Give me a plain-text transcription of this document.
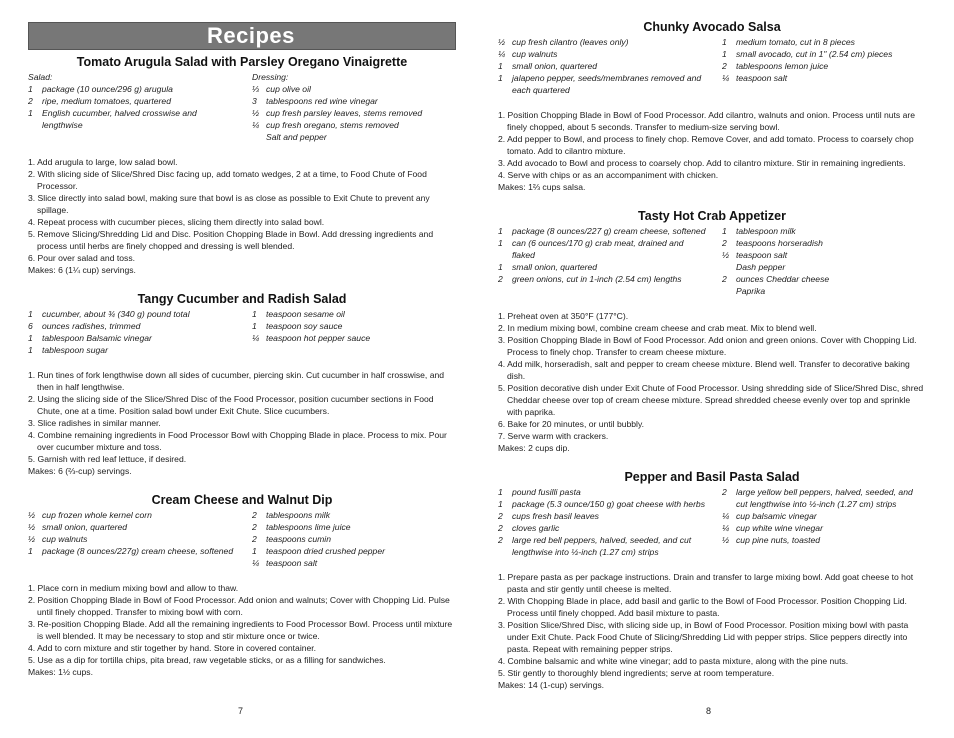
Recipes
Tomato Arugula Salad with Parsley Oregano Vinaigrette
Salad:
1	package (10 ounce/296 g) arugula
2	ripe, medium tomatoes, quartered
1	English cucumber, halved crosswise and lengthwise
Dressing:
⅓ cup olive oil
3	tablespoons red wine vinegar
½ cup fresh parsley leaves, stems removed
¼ cup fresh oregano, stems removed
Salt and pepper
1. Add arugula to large, low salad bowl.
2. With slicing side of Slice/Shred Disc facing up, add tomato wedges, 2 at a time, to Food Chute of Food Processor.
3. Slice directly into salad bowl, making sure that bowl is as close as possible to Exit Chute to prevent any spillage.
4. Repeat process with cucumber pieces, slicing them directly into salad bowl.
5. Remove Slicing/Shredding Lid and Disc. Position Chopping Blade in Bowl. Add dressing ingredients and process until herbs are finely chopped and dressing is well blended.
6. Pour over salad and toss.
Makes: 6 (1¼ cup) servings.
Tangy Cucumber and Radish Salad
1	cucumber, about ¾ (340 g) pound total
6	ounces radishes, trimmed
1	tablespoon Balsamic vinegar
1	tablespoon sugar
1	teaspoon sesame oil
1	teaspoon soy sauce
¼ teaspoon hot pepper sauce
1. Run tines of fork lengthwise down all sides of cucumber, piercing skin. Cut cucumber in half crosswise, and then in half lengthwise.
2. Using the slicing side of the Slice/Shred Disc of the Food Processor, position cucumber sections in Food Chute, one at a time. Position salad bowl under Exit Chute. Slice cucumbers.
3. Slice radishes in similar manner.
4. Combine remaining ingredients in Food Processor Bowl with Chopping Blade in place. Process to mix. Pour over cucumber mixture and toss.
5. Garnish with red leaf lettuce, if desired.
Makes: 6 (⅔-cup) servings.
Cream Cheese and Walnut Dip
½ cup frozen whole kernel corn
½ small onion, quartered
½ cup walnuts
1	package (8 ounces/227g) cream cheese, softened
2	tablespoons milk
2	tablespoons lime juice
2	teaspoons cumin
1	teaspoon dried crushed pepper
¼ teaspoon salt
1. Place corn in medium mixing bowl and allow to thaw.
2. Position Chopping Blade in Bowl of Food Processor. Add onion and walnuts; Cover with Chopping Lid. Pulse until finely chopped. Transfer to mixing bowl with corn.
3. Re-position Chopping Blade. Add all the remaining ingredients to Food Processor Bowl. Process until mixture is well blended. It may be necessary to stop and stir mixture once or twice.
4. Add to corn mixture and stir together by hand. Store in covered container.
5. Use as a dip for tortilla chips, pita bread, raw vegetable sticks, or as a filling for sandwiches.
Makes: 1½ cups.
7
Chunky Avocado Salsa
½ cup fresh cilantro (leaves only)
¼ cup walnuts
1	small onion, quartered
1	jalapeno pepper, seeds/membranes removed and each quartered
1	medium tomato, cut in 8 pieces
1	small avocado, cut in 1" (2.54 cm) pieces
2	tablespoons lemon juice
¼ teaspoon salt
1. Position Chopping Blade in Bowl of Food Processor. Add cilantro, walnuts and onion. Process until nuts are finely chopped, about 5 seconds. Transfer to medium-size serving bowl.
2. Add pepper to Bowl, and process to finely chop. Remove Cover, and add tomato. Process to coarsely chop tomato. Add to cilantro mixture.
3. Add avocado to Bowl and process to coarsely chop. Add to cilantro mixture. Stir in remaining ingredients.
4. Serve with chips or as an accompaniment with chicken.
Makes: 1⅔ cups salsa.
Tasty Hot Crab Appetizer
1	package (8 ounces/227 g) cream cheese, softened
1	can (6 ounces/170 g) crab meat, drained and flaked
1	small onion, quartered
2	green onions, cut in 1-inch (2.54 cm) lengths
1	tablespoon milk
2	teaspoons horseradish
½ teaspoon salt
Dash pepper
2	ounces Cheddar cheese
Paprika
1. Preheat oven at 350°F (177°C).
2. In medium mixing bowl, combine cream cheese and crab meat. Mix to blend well.
3. Position Chopping Blade in Bowl of Food Processor. Add onion and green onions. Cover with Chopping Lid. Process to finely chop. Transfer to cream cheese mixture.
4. Add milk, horseradish, salt and pepper to cream cheese mixture. Blend well. Transfer to decorative baking dish.
5. Position decorative dish under Exit Chute of Food Processor. Using shredding side of Slice/Shred Disc, shred Cheddar cheese over top of cream cheese mixture. Spread shredded cheese evenly over top and sprinkle with paprika.
6. Bake for 20 minutes, or until bubbly.
7. Serve warm with crackers.
Makes: 2 cups dip.
Pepper and Basil Pasta Salad
1	pound fusilli pasta
1	package (5.3 ounce/150 g) goat cheese with herbs
2	cups fresh basil leaves
2	cloves garlic
2	large red bell peppers, halved, seeded, and cut lengthwise into ½-inch (1.27 cm) strips
2	large yellow bell peppers, halved, seeded, and cut lengthwise into ½-inch (1.27 cm) strips
¼ cup balsamic vinegar
¼ cup white wine vinegar
½ cup pine nuts, toasted
1. Prepare pasta as per package instructions. Drain and transfer to large mixing bowl. Add goat cheese to hot pasta and stir gently until cheese is melted.
2. With Chopping Blade in place, add basil and garlic to the Bowl of Food Processor. Position Chopping Lid. Process until finely chopped. Add basil mixture to pasta.
3. Position Slice/Shred Disc, with slicing side up, in Bowl of Food Processor. Position mixing bowl with pasta under Exit Chute. Pack Food Chute of Slicing/Shredding Lid with pepper strips. Slice peppers directly into pasta. Repeat with remaining pepper strips.
4. Combine balsamic and white wine vinegar; add to pasta mixture, along with the pine nuts.
5. Stir gently to thoroughly blend ingredients; serve at room temperature.
Makes: 14 (1-cup) servings.
8
